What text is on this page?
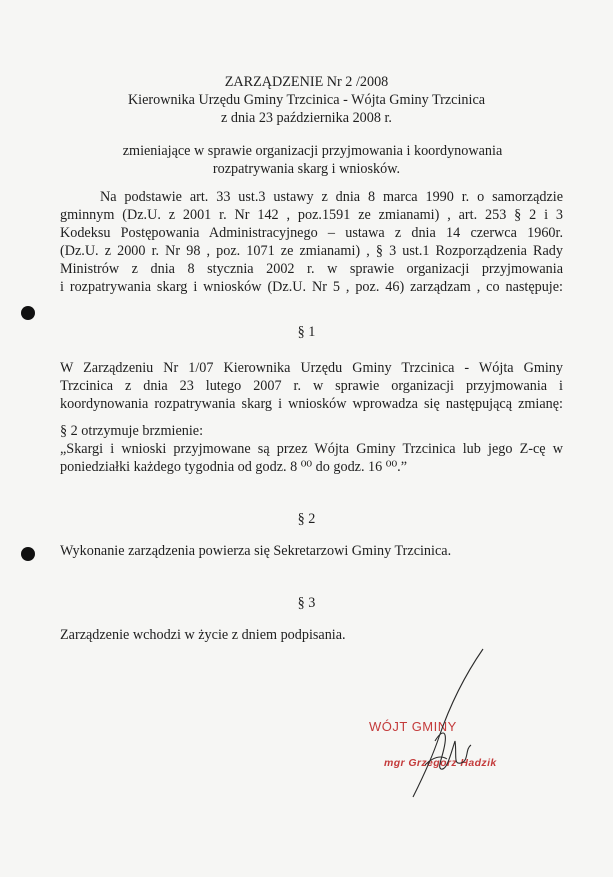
ZARZĄDZENIE Nr 2 /2008
Kierownika Urzędu Gminy Trzcinica - Wójta Gminy Trzcinica
z dnia 23 października 2008 r.
zmieniające w sprawie organizacji przyjmowania i koordynowania
rozpatrywania skarg i wniosków.
Na podstawie art. 33 ust.3 ustawy z dnia 8 marca 1990 r. o samorządzie
gminnym (Dz.U. z 2001 r. Nr 142 , poz.1591 ze zmianami) , art. 253 § 2 i 3
Kodeksu Postępowania Administracyjnego – ustawa z dnia 14 czerwca 1960r.
(Dz.U. z 2000 r. Nr 98 , poz. 1071 ze zmianami) , § 3 ust.1 Rozporządzenia Rady
Ministrów z dnia 8 stycznia 2002 r. w sprawie organizacji przyjmowania
i rozpatrywania skarg i wniosków (Dz.U. Nr 5 , poz. 46) zarządzam , co następuje:
§ 1
W Zarządzeniu Nr 1/07 Kierownika Urzędu Gminy Trzcinica - Wójta Gminy
Trzcinica z dnia 23 lutego 2007 r. w sprawie organizacji przyjmowania i
koordynowania rozpatrywania skarg i wniosków wprowadza się następującą zmianę:
§ 2 otrzymuje brzmienie:
„Skargi i wnioski przyjmowane są przez Wójta Gminy Trzcinica lub jego Z-cę w
poniedziałki każdego tygodnia od godz. 8 ⁰⁰ do godz. 16 ⁰⁰.”
§ 2
Wykonanie zarządzenia powierza się Sekretarzowi Gminy Trzcinica.
§ 3
Zarządzenie wchodzi w życie z dniem podpisania.
WÓJT GMINY
mgr Grzegorz Hadzik
